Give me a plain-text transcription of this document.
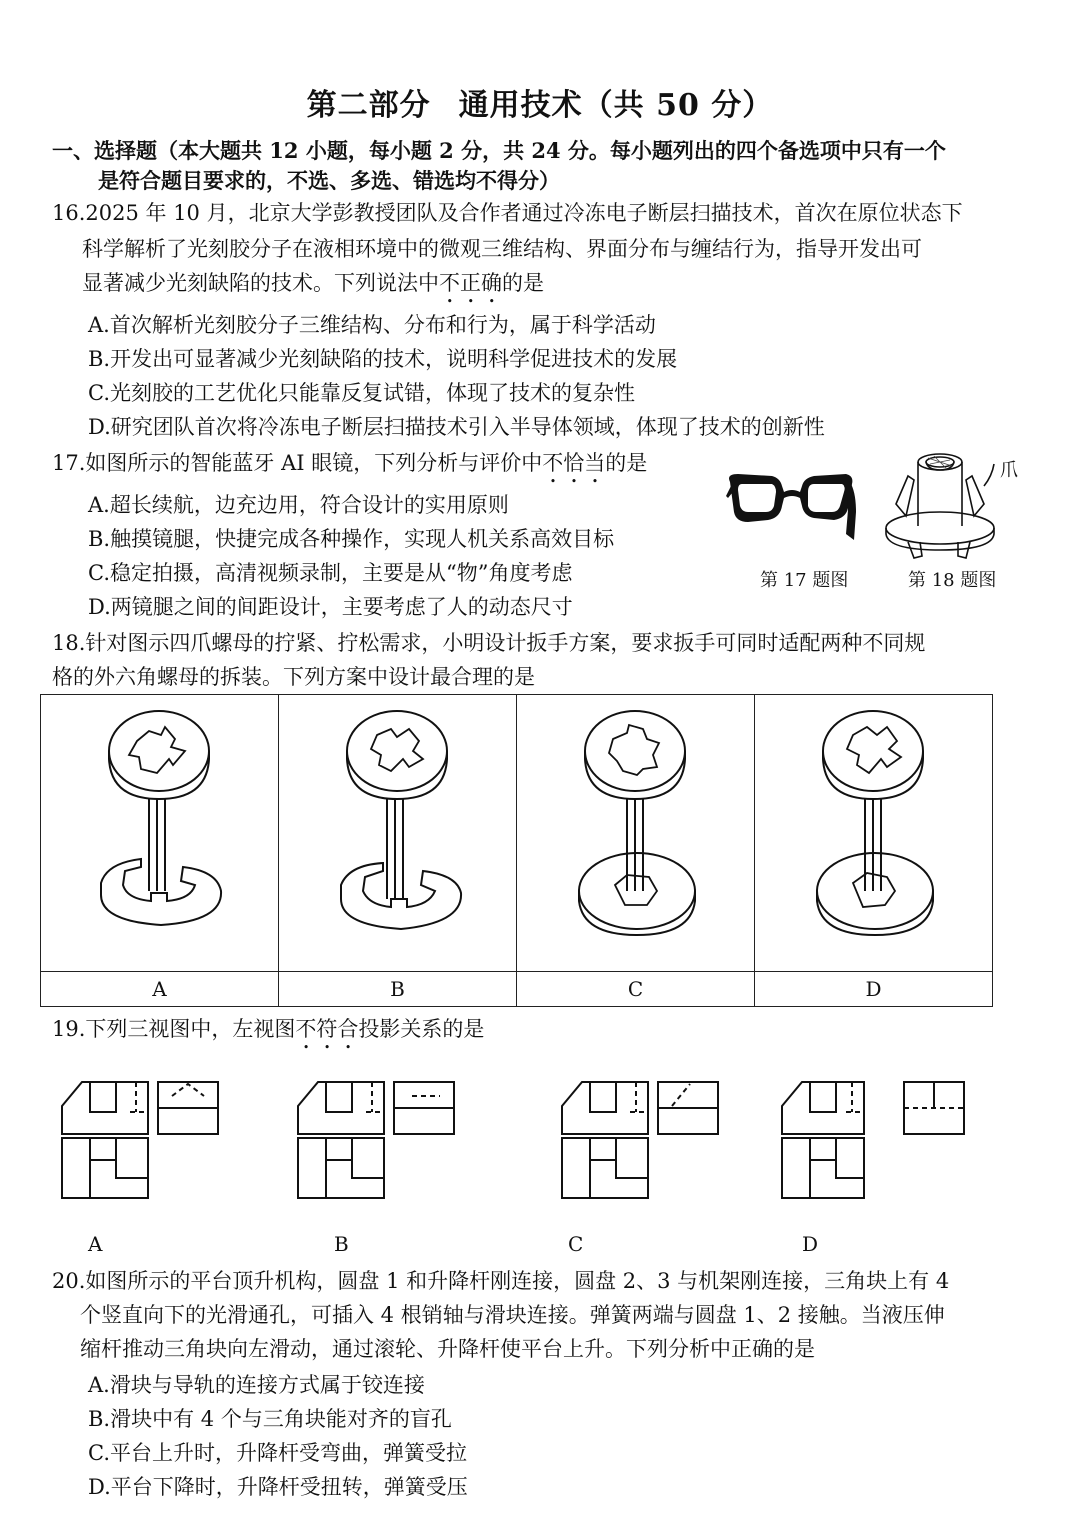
第二部分 通用技术（共 50 分）
一、选择题（本大题共 12 小题，每小题 2 分，共 24 分。每小题列出的四个备选项中只有一个
是符合题目要求的，不选、多选、错选均不得分）
16.2025 年 10 月，北京大学彭教授团队及合作者通过冷冻电子断层扫描技术，首次在原位状态下
科学解析了光刻胶分子在液相环境中的微观三维结构、界面分布与缠结行为，指导开发出可
显著减少光刻缺陷的技术。下列说法中不正确的是
A.首次解析光刻胶分子三维结构、分布和行为，属于科学活动
B.开发出可显著减少光刻缺陷的技术，说明科学促进技术的发展
C.光刻胶的工艺优化只能靠反复试错，体现了技术的复杂性
D.研究团队首次将冷冻电子断层扫描技术引入半导体领域，体现了技术的创新性
17.如图所示的智能蓝牙 AI 眼镜，下列分析与评价中不恰当的是
A.超长续航，边充边用，符合设计的实用原则
B.触摸镜腿，快捷完成各种操作，实现人机关系高效目标
C.稳定拍摄，高清视频录制，主要是从“物”角度考虑
D.两镜腿之间的间距设计，主要考虑了人的动态尺寸
爪
第 17 题图	第 18 题图
18.针对图示四爪螺母的拧紧、拧松需求，小明设计扳手方案，要求扳手可同时适配两种不同规
格的外六角螺母的拆装。下列方案中设计最合理的是

A	B	C	D
19.下列三视图中，左视图不符合投影关系的是
A	B	C	D
20.如图所示的平台顶升机构，圆盘 1 和升降杆刚连接，圆盘 2、3 与机架刚连接，三角块上有 4
个竖直向下的光滑通孔，可插入 4 根销轴与滑块连接。弹簧两端与圆盘 1、2 接触。当液压伸
缩杆推动三角块向左滑动，通过滚轮、升降杆使平台上升。下列分析中正确的是
A.滑块与导轨的连接方式属于铰连接
B.滑块中有 4 个与三角块能对齐的盲孔
C.平台上升时，升降杆受弯曲，弹簧受拉
D.平台下降时，升降杆受扭转，弹簧受压
